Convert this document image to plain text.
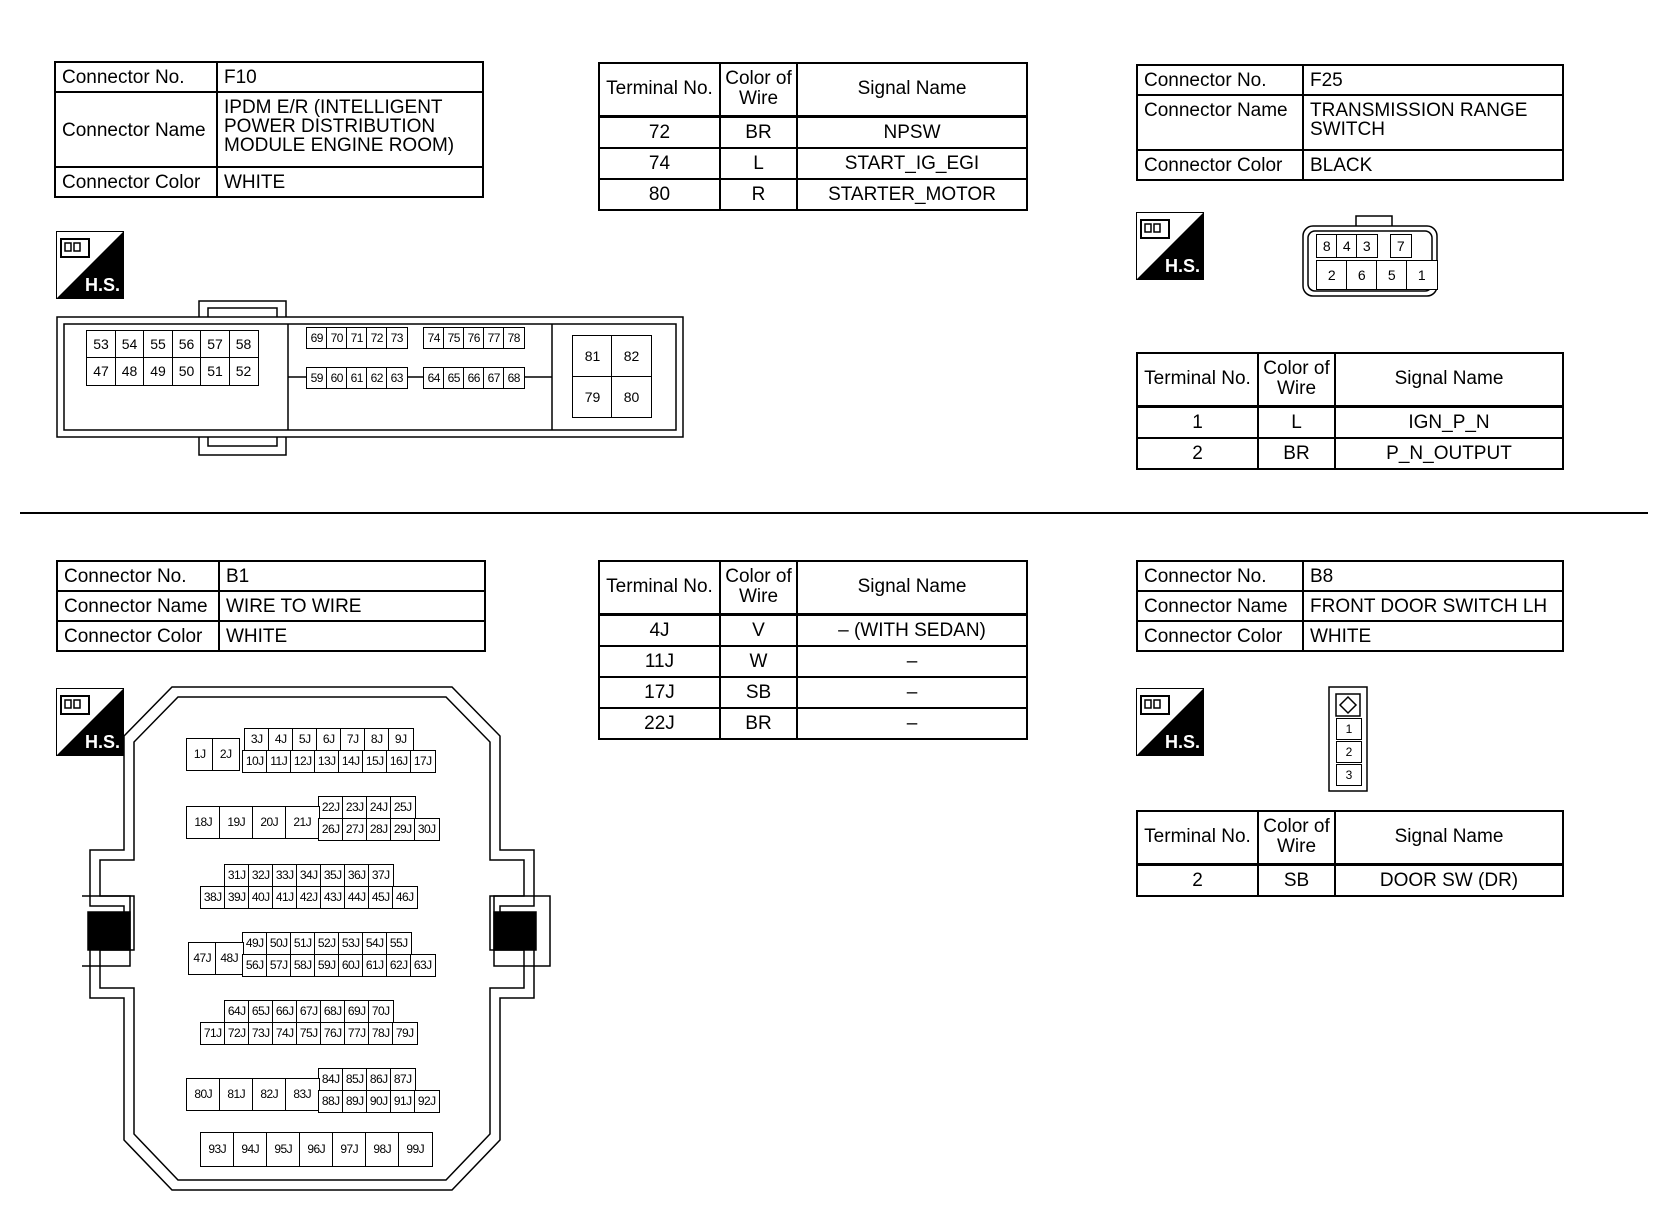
Connector No.	F10
Connector Name	IPDM E/R (INTELLIGENT POWER DISTRIBUTION MODULE ENGINE ROOM)
Connector Color	WHITE
Terminal No.	Color of Wire	Signal Name
72	BR	NPSW
74	L	START_IG_EGI
80	R	STARTER_MOTOR
H.S.
53 54 55 56 57 58
47 48 49 50 51 52
69 70 71 72 73	74 75 76 77 78
59 60 61 62 63	64 65 66 67 68
81	82
79	80
Connector No.	F25
Connector Name	TRANSMISSION RANGE SWITCH
Connector Color	BLACK
H.S.
8 4 3	7
2	6	5	1
Terminal No.	Color of Wire	Signal Name
1	L	IGN_P_N
2	BR	P_N_OUTPUT
Connector No.	B1
Connector Name	WIRE TO WIRE
Connector Color	WHITE
Terminal No.	Color of Wire	Signal Name
4J	V	– (WITH SEDAN)
11J	W	–
17J	SB	–
22J	BR	–
H.S.	3J	4J	5J	6J	7J	8J	9J
1J	2J	10J 11J 12J 13J 14J 15J 16J 17J
22J 23J 24J 25J
18J	19J	20J	21J 26J 27J 28J 29J 30J
31J 32J 33J 34J 35J 36J 37J
38J 39J 40J 41J 42J 43J 44J 45J 46J
49J 50J 51J 52J 53J 54J 55J
47J 48J 56J 57J 58J 59J 60J 61J 62J 63J
64J 65J 66J 67J 68J 69J 70J
71J 72J 73J 74J 75J 76J 77J 78J 79J
84J 85J 86J 87J
80J	81J	82J	83J 88J 89J 90J 91J 92J
93J	94J	95J	96J	97J	98J	99J
Connector No.	B8
Connector Name	FRONT DOOR SWITCH LH
Connector Color	WHITE
H.S.
1
2
3
Terminal No.	Color of Wire	Signal Name
2	SB	DOOR SW (DR)
